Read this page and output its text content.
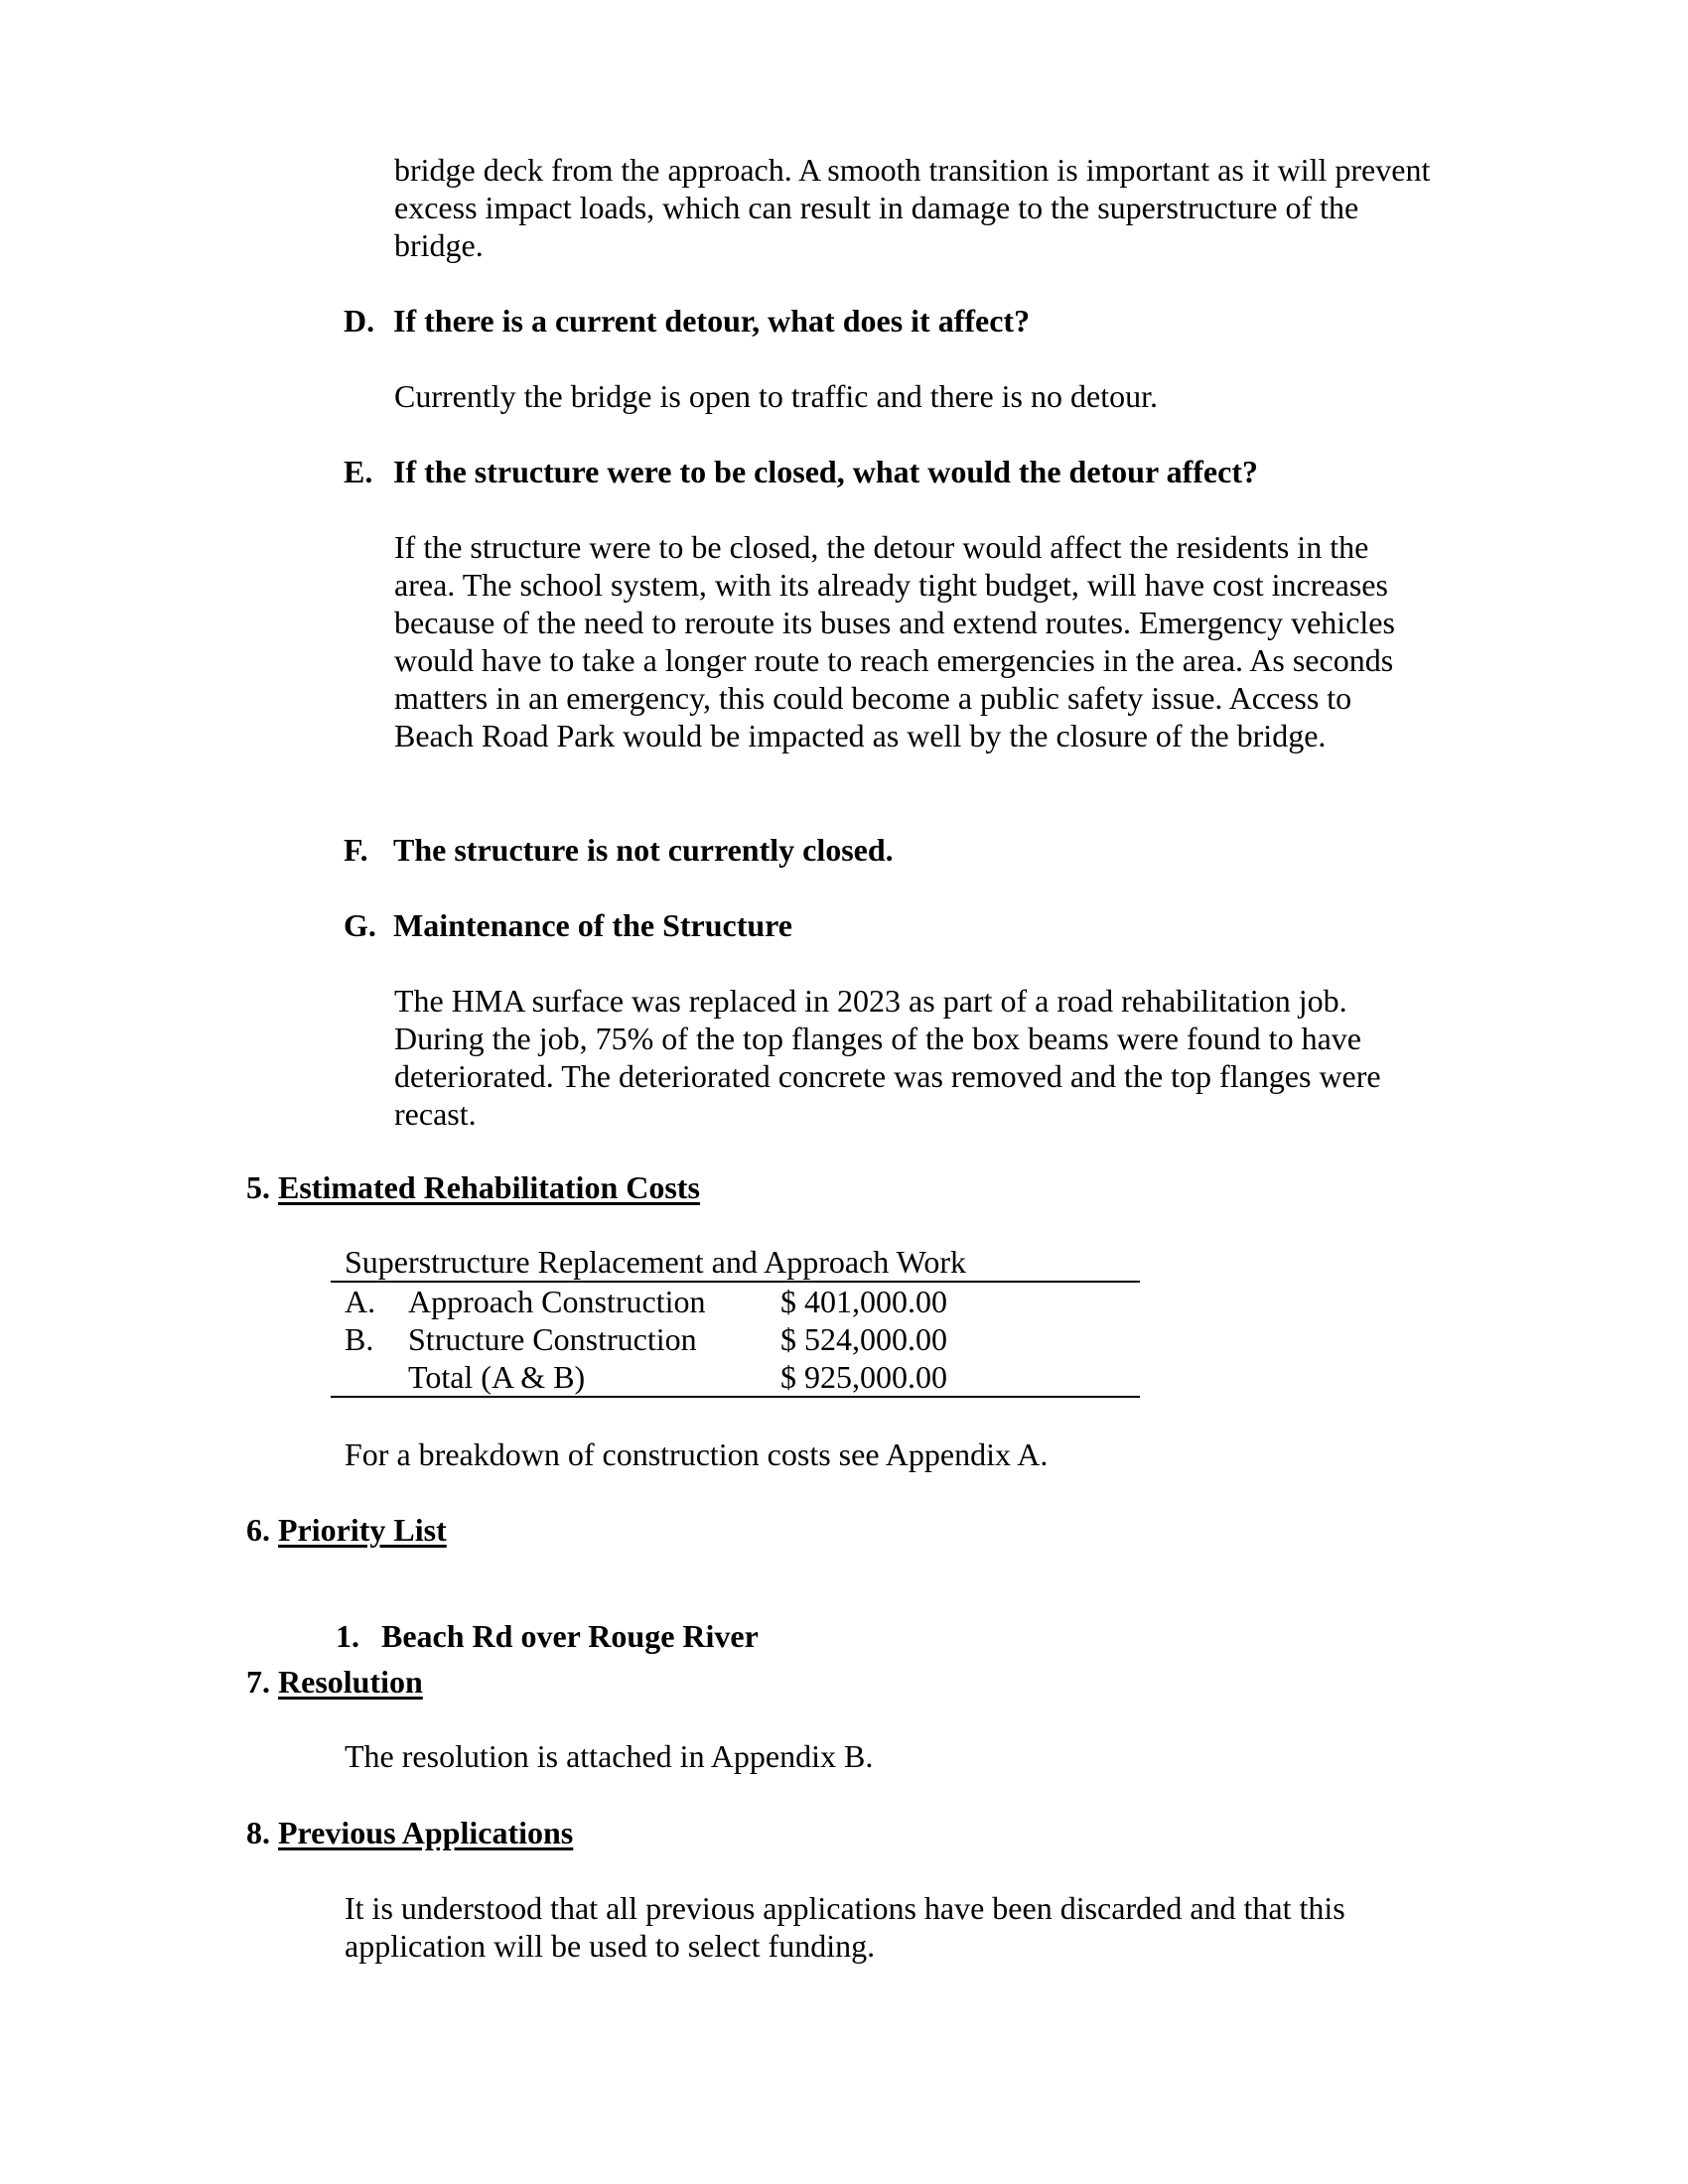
bridge deck from the approach. A smooth transition is important as it will prevent excess impact loads, which can result in damage to the superstructure of the bridge.

D. If there is a current detour, what does it affect?

Currently the bridge is open to traffic and there is no detour.

E. If the structure were to be closed, what would the detour affect?

If the structure were to be closed, the detour would affect the residents in the area. The school system, with its already tight budget, will have cost increases because of the need to reroute its buses and extend routes. Emergency vehicles would have to take a longer route to reach emergencies in the area. As seconds matters in an emergency, this could become a public safety issue. Access to Beach Road Park would be impacted as well by the closure of the bridge.

F. The structure is not currently closed.

G. Maintenance of the Structure

The HMA surface was replaced in 2023 as part of a road rehabilitation job. During the job, 75% of the top flanges of the box beams were found to have deteriorated. The deteriorated concrete was removed and the top flanges were recast.

5. Estimated Rehabilitation Costs

Superstructure Replacement and Approach Work
A. Approach Construction $ 401,000.00
B. Structure Construction	$ 524,000.00
Total (A & B)	$ 925,000.00

For a breakdown of construction costs see Appendix A.

6. Priority List

1. Beach Rd over Rouge River

7. Resolution

The resolution is attached in Appendix B.

8. Previous Applications

It is understood that all previous applications have been discarded and that this application will be used to select funding.
